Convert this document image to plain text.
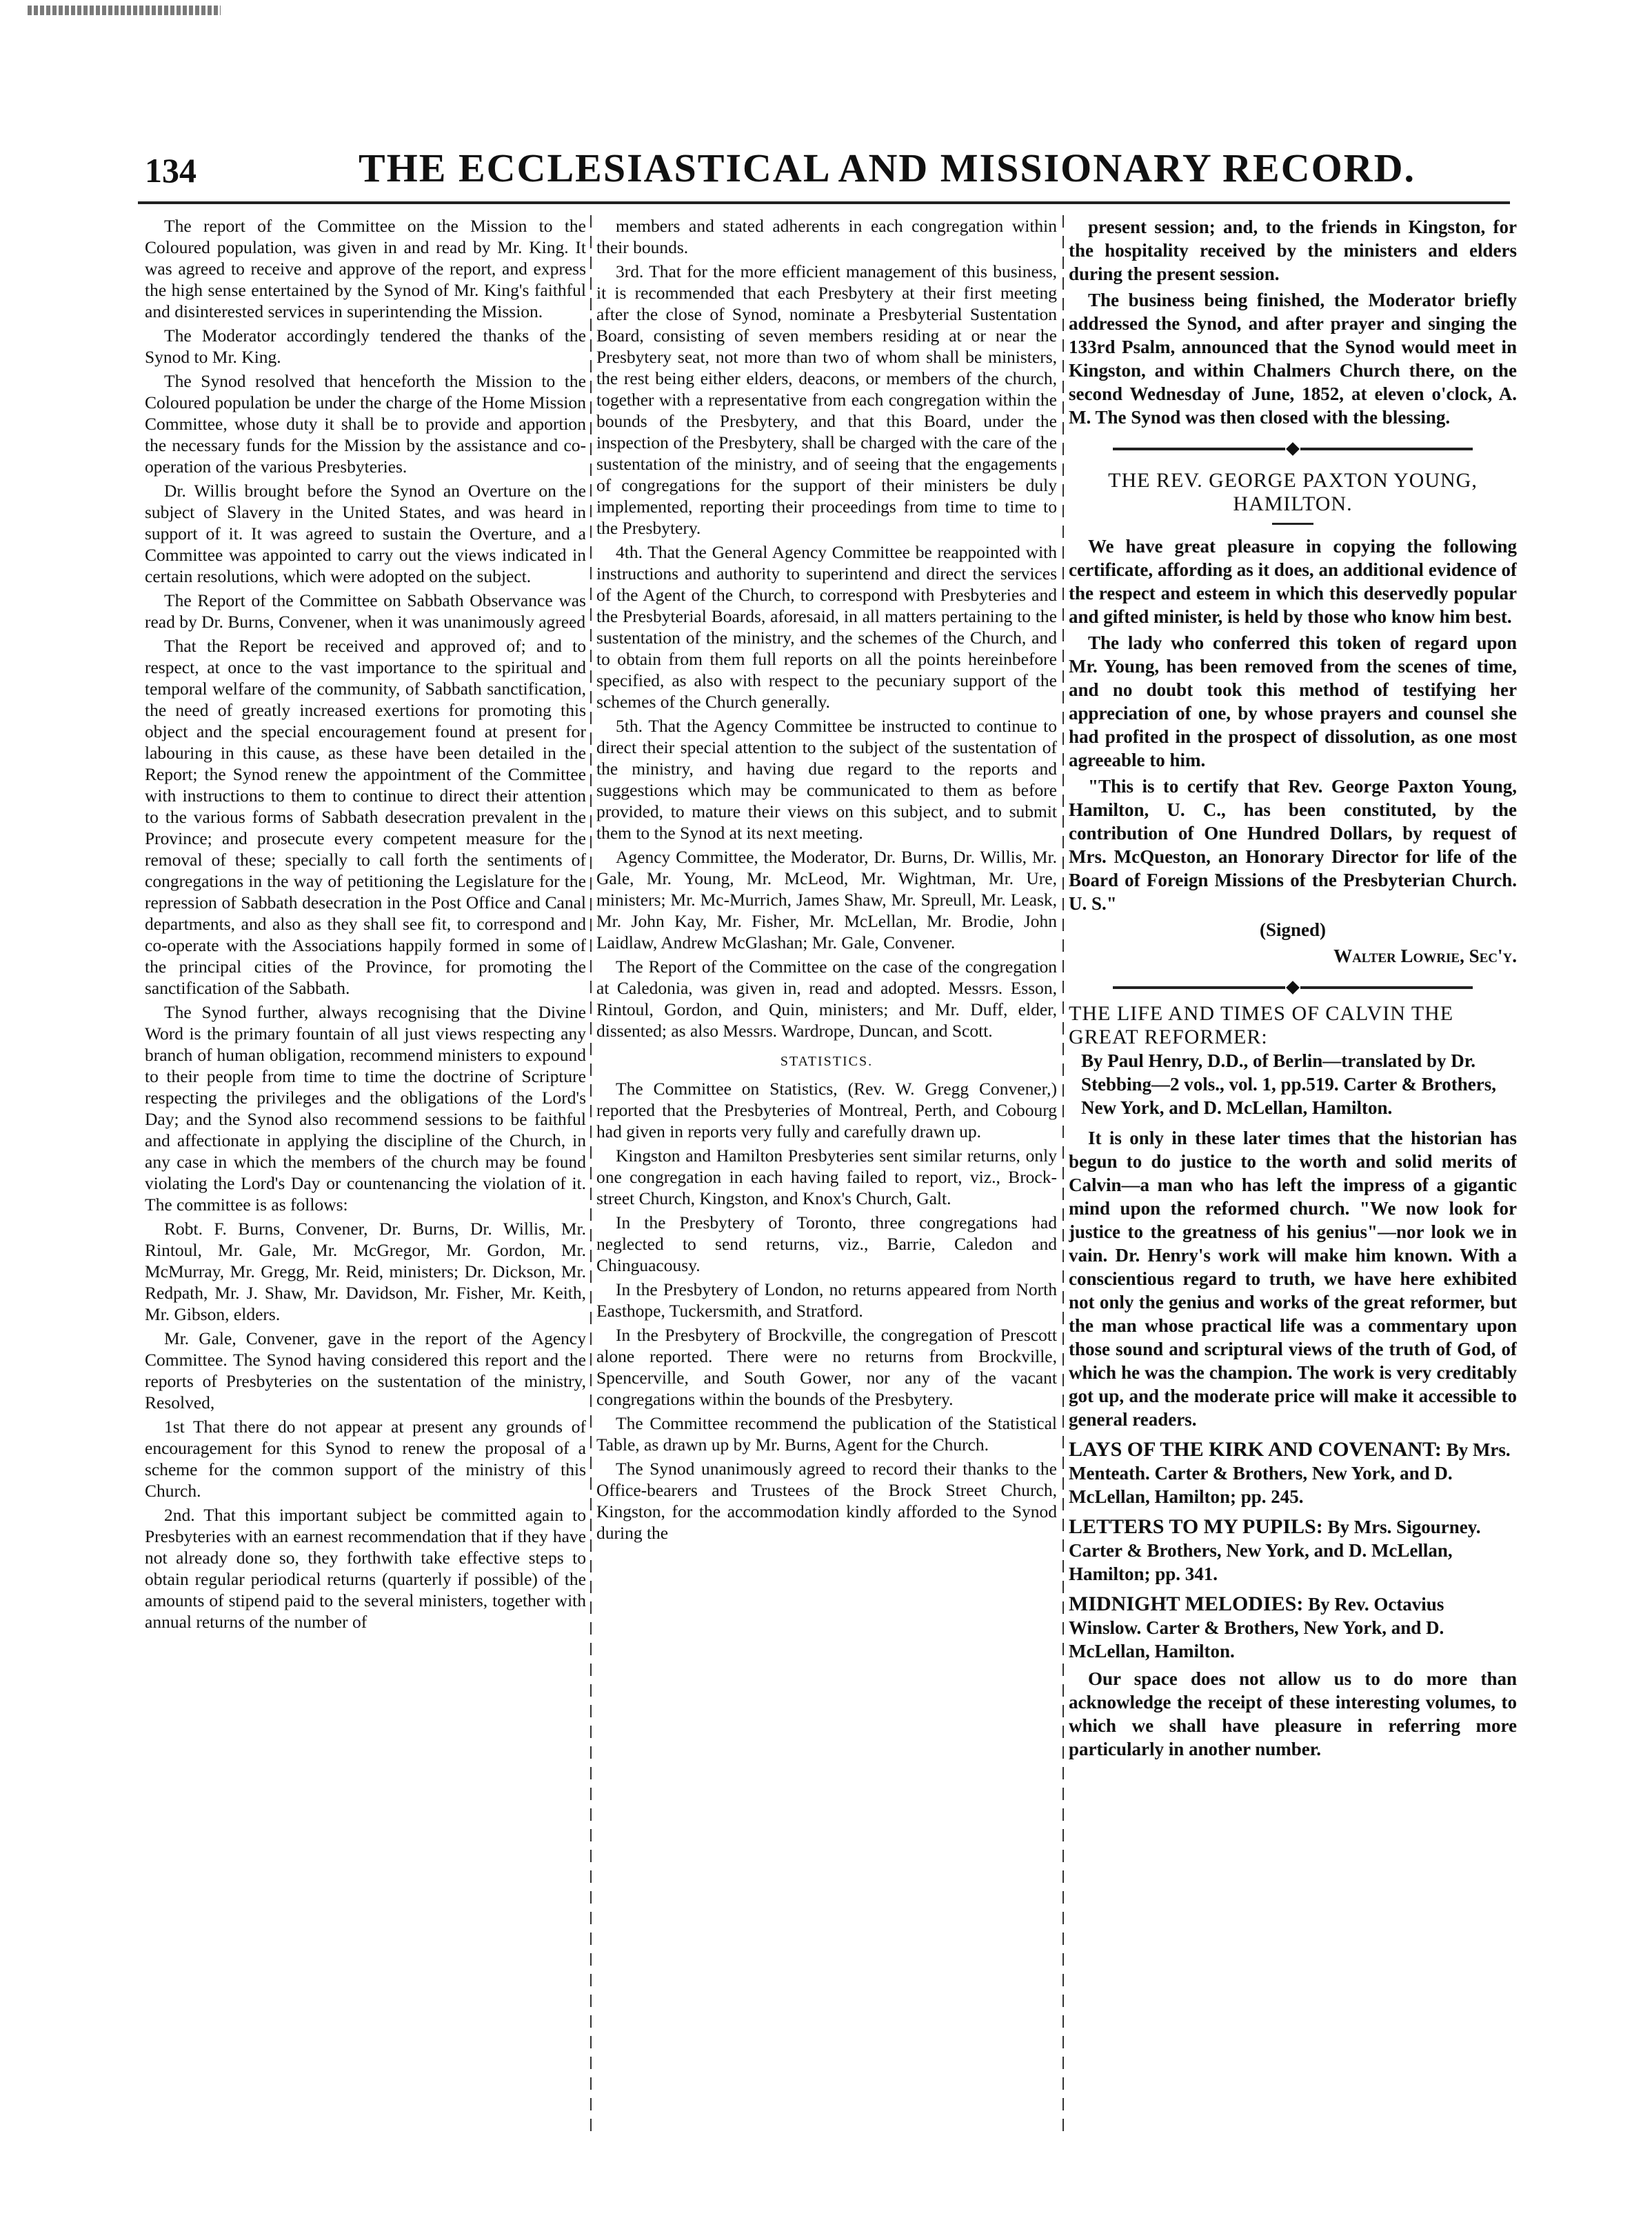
134	THE ECCLESIASTICAL AND MISSIONARY RECORD.

The report of the Committee on the Mission to the Coloured population, was given in and read by Mr. King. It was agreed to receive and approve of the report, and express the high sense entertained by the Synod of Mr. King's faithful and disinterested services in superintending the Mission.

The Moderator accordingly tendered the thanks of the Synod to Mr. King.

The Synod resolved that henceforth the Mission to the Coloured population be under the charge of the Home Mission Committee, whose duty it shall be to provide and apportion the necessary funds for the Mission by the assistance and co-operation of the various Presbyteries.

Dr. Willis brought before the Synod an Overture on the subject of Slavery in the United States, and was heard in support of it. It was agreed to sustain the Overture, and a Committee was appointed to carry out the views indicated in certain resolutions, which were adopted on the subject.

The Report of the Committee on Sabbath Observance was read by Dr. Burns, Convener, when it was unanimously agreed

That the Report be received and approved of; and to respect, at once to the vast importance to the spiritual and temporal welfare of the community, of Sabbath sanctification, the need of greatly increased exertions for promoting this object and the special encouragement found at present for labouring in this cause, as these have been detailed in the Report; the Synod renew the appointment of the Committee with instructions to them to continue to direct their attention to the various forms of Sabbath desecration prevalent in the Province; and prosecute every competent measure for the removal of these; specially to call forth the sentiments of congregations in the way of petitioning the Legislature for the repression of Sabbath desecration in the Post Office and Canal departments, and also as they shall see fit, to correspond and co-operate with the Associations happily formed in some of the principal cities of the Province, for promoting the sanctification of the Sabbath.

The Synod further, always recognising that the Divine Word is the primary fountain of all just views respecting any branch of human obligation, recommend ministers to expound to their people from time to time the doctrine of Scripture respecting the privileges and the obligations of the Lord's Day; and the Synod also recommend sessions to be faithful and affectionate in applying the discipline of the Church, in any case in which the members of the church may be found violating the Lord's Day or countenancing the violation of it. The committee is as follows:

Robt. F. Burns, Convener, Dr. Burns, Dr. Willis, Mr. Rintoul, Mr. Gale, Mr. McGregor, Mr. Gordon, Mr. McMurray, Mr. Gregg, Mr. Reid, ministers; Dr. Dickson, Mr. Redpath, Mr. J. Shaw, Mr. Davidson, Mr. Fisher, Mr. Keith, Mr. Gibson, elders.

Mr. Gale, Convener, gave in the report of the Agency Committee. The Synod having considered this report and the reports of Presbyteries on the sustentation of the ministry, Resolved,

1st That there do not appear at present any grounds of encouragement for this Synod to renew the proposal of a scheme for the common support of the ministry of this Church.

2nd. That this important subject be committed again to Presbyteries with an earnest recommendation that if they have not already done so, they forthwith take effective steps to obtain regular periodical returns (quarterly if possible) of the amounts of stipend paid to the several ministers, together with annual returns of the number of

members and stated adherents in each congregation within their bounds.

3rd. That for the more efficient management of this business, it is recommended that each Presbytery at their first meeting after the close of Synod, nominate a Presbyterial Sustentation Board, consisting of seven members residing at or near the Presbytery seat, not more than two of whom shall be ministers, the rest being either elders, deacons, or members of the church, together with a representative from each congregation within the bounds of the Presbytery, and that this Board, under the inspection of the Presbytery, shall be charged with the care of the sustentation of the ministry, and of seeing that the engagements of congregations for the support of their ministers be duly implemented, reporting their proceedings from time to time to the Presbytery.

4th. That the General Agency Committee be reappointed with instructions and authority to superintend and direct the services of the Agent of the Church, to correspond with Presbyteries and the Presbyterial Boards, aforesaid, in all matters pertaining to the sustentation of the ministry, and the schemes of the Church, and to obtain from them full reports on all the points hereinbefore specified, as also with respect to the pecuniary support of the schemes of the Church generally.

5th. That the Agency Committee be instructed to continue to direct their special attention to the subject of the sustentation of the ministry, and having due regard to the reports and suggestions which may be communicated to them as before provided, to mature their views on this subject, and to submit them to the Synod at its next meeting.

Agency Committee, the Moderator, Dr. Burns, Dr. Willis, Mr. Gale, Mr. Young, Mr. McLeod, Mr. Wightman, Mr. Ure, ministers; Mr. Mc-Murrich, James Shaw, Mr. Spreull, Mr. Leask, Mr. John Kay, Mr. Fisher, Mr. McLellan, Mr. Brodie, John Laidlaw, Andrew McGlashan; Mr. Gale, Convener.

The Report of the Committee on the case of the congregation at Caledonia, was given in, read and adopted. Messrs. Esson, Rintoul, Gordon, and Quin, ministers; and Mr. Duff, elder, dissented; as also Messrs. Wardrope, Duncan, and Scott.

STATISTICS.

The Committee on Statistics, (Rev. W. Gregg Convener,) reported that the Presbyteries of Montreal, Perth, and Cobourg had given in reports very fully and carefully drawn up.

Kingston and Hamilton Presbyteries sent similar returns, only one congregation in each having failed to report, viz., Brock-street Church, Kingston, and Knox's Church, Galt.

In the Presbytery of Toronto, three congregations had neglected to send returns, viz., Barrie, Caledon and Chinguacousy.

In the Presbytery of London, no returns appeared from North Easthope, Tuckersmith, and Stratford.

In the Presbytery of Brockville, the congregation of Prescott alone reported. There were no returns from Brockville, Spencerville, and South Gower, nor any of the vacant congregations within the bounds of the Presbytery.

The Committee recommend the publication of the Statistical Table, as drawn up by Mr. Burns, Agent for the Church.

The Synod unanimously agreed to record their thanks to the Office-bearers and Trustees of the Brock Street Church, Kingston, for the accommodation kindly afforded to the Synod during the

present session; and, to the friends in Kingston, for the hospitality received by the ministers and elders during the present session.

The business being finished, the Moderator briefly addressed the Synod, and after prayer and singing the 133rd Psalm, announced that the Synod would meet in Kingston, and within Chalmers Church there, on the second Wednesday of June, 1852, at eleven o'clock, A. M. The Synod was then closed with the blessing.

THE REV. GEORGE PAXTON YOUNG, HAMILTON.

We have great pleasure in copying the following certificate, affording as it does, an additional evidence of the respect and esteem in which this deservedly popular and gifted minister, is held by those who know him best.

The lady who conferred this token of regard upon Mr. Young, has been removed from the scenes of time, and no doubt took this method of testifying her appreciation of one, by whose prayers and counsel she had profited in the prospect of dissolution, as one most agreeable to him.

"This is to certify that Rev. George Paxton Young, Hamilton, U. C., has been constituted, by the contribution of One Hundred Dollars, by request of Mrs. McQueston, an Honorary Director for life of the Board of Foreign Missions of the Presbyterian Church. U. S."

(Signed)

Walter Lowrie, Sec'y.

THE LIFE AND TIMES OF CALVIN THE GREAT REFORMER:
By Paul Henry, D.D., of Berlin—translated by Dr. Stebbing—2 vols., vol. 1, pp.519. Carter & Brothers, New York, and D. McLellan, Hamilton.

It is only in these later times that the historian has begun to do justice to the worth and solid merits of Calvin—a man who has left the impress of a gigantic mind upon the reformed church. "We now look for justice to the greatness of his genius"—nor look we in vain. Dr. Henry's work will make him known. With a conscientious regard to truth, we have here exhibited not only the genius and works of the great reformer, but the man whose practical life was a commentary upon those sound and scriptural views of the truth of God, of which he was the champion. The work is very creditably got up, and the moderate price will make it accessible to general readers.

LAYS OF THE KIRK AND COVENANT: By Mrs. Menteath. Carter & Brothers, New York, and D. McLellan, Hamilton; pp. 245.
LETTERS TO MY PUPILS: By Mrs. Sigourney. Carter & Brothers, New York, and D. McLellan, Hamilton; pp. 341.
MIDNIGHT MELODIES: By Rev. Octavius Winslow. Carter & Brothers, New York, and D. McLellan, Hamilton.

Our space does not allow us to do more than acknowledge the receipt of these interesting volumes, to which we shall have pleasure in referring more particularly in another number.
